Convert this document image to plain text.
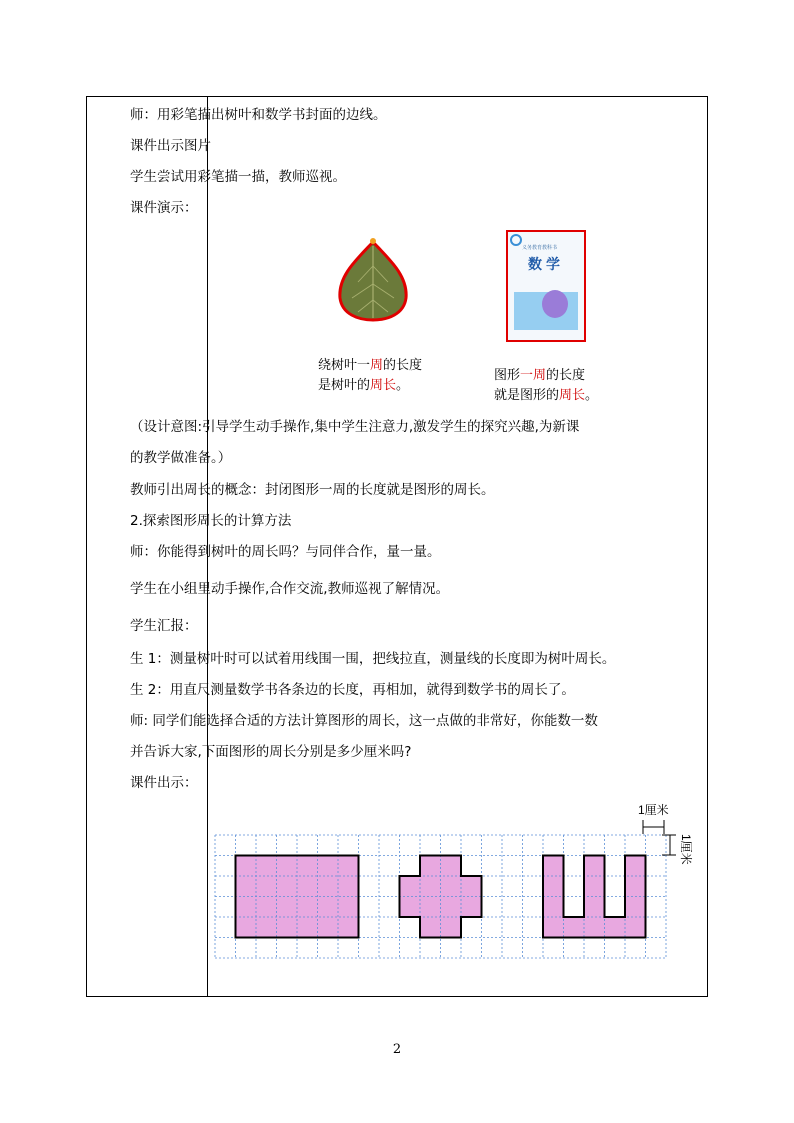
师：用彩笔描出树叶和数学书封面的边线。
课件出示图片
学生尝试用彩笔描一描，教师巡视。
课件演示：
义务教育教科书
数学
绕树叶一周的长度
是树叶的周长。
图形一周的长度
就是图形的周长。
（设计意图:引导学生动手操作,集中学生注意力,激发学生的探究兴趣,为新课
的教学做准备。）
教师引出周长的概念：封闭图形一周的长度就是图形的周长。
2.探索图形周长的计算方法
师：你能得到树叶的周长吗？与同伴合作，量一量。
学生在小组里动手操作,合作交流,教师巡视了解情况。
学生汇报：
生 1：测量树叶时可以试着用线围一围，把线拉直，测量线的长度即为树叶周长。
生 2：用直尺测量数学书各条边的长度，再相加，就得到数学书的周长了。
师: 同学们能选择合适的方法计算图形的周长，这一点做的非常好，你能数一数
并告诉大家,下面图形的周长分别是多少厘米吗?
课件出示：
1厘米
1厘米
2
